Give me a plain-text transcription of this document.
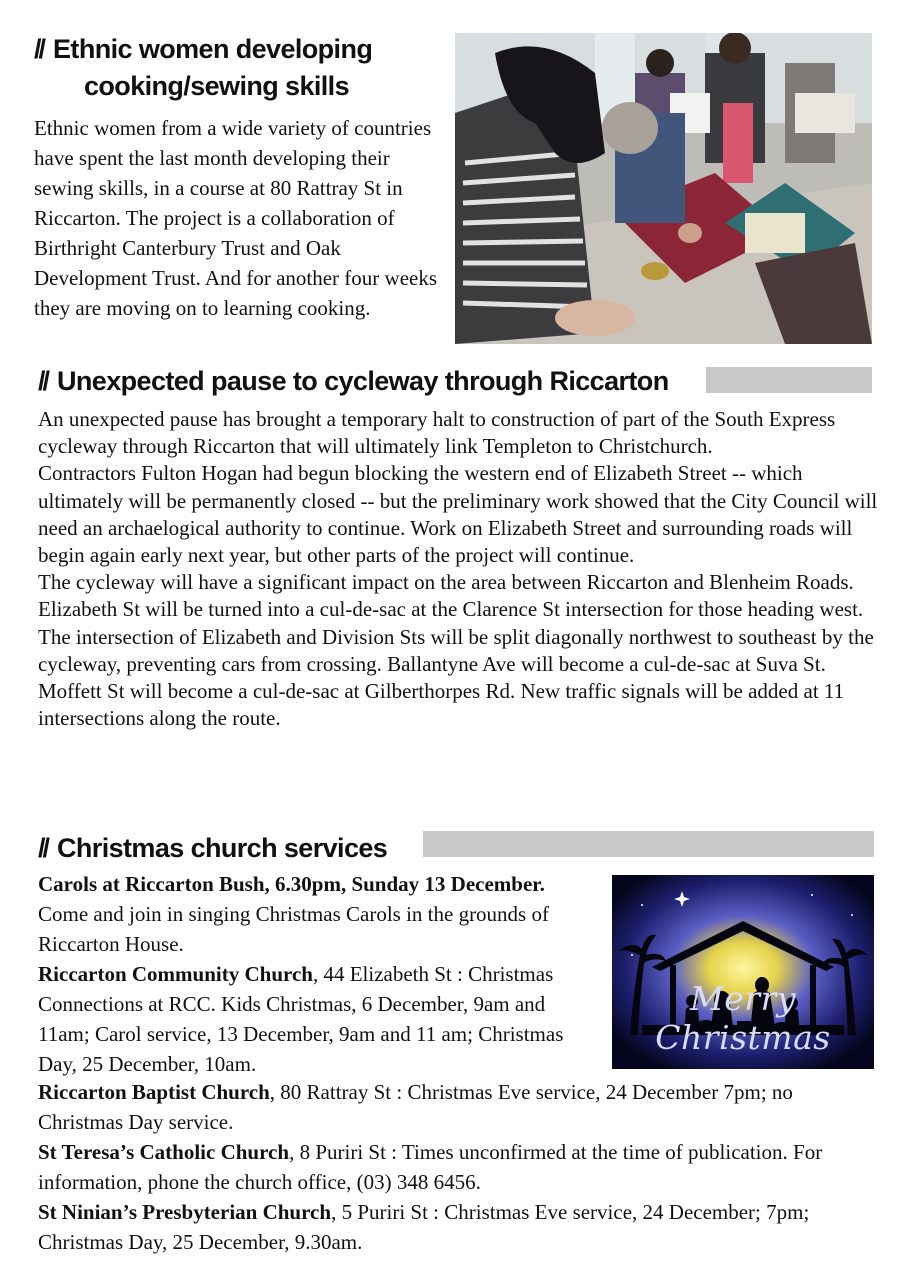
// Ethnic women developing
cooking/sewing skills

Ethnic women from a wide variety of countries have spent the last month developing their sewing skills, in a course at 80 Rattray St in Riccarton. The project is a collaboration of Birthright Canterbury Trust and Oak Development Trust. And for another four weeks they are moving on to learning cooking.

// Unexpected pause to cycleway through Riccarton
An unexpected pause has brought a temporary halt to construction of part of the South Express cycleway through Riccarton that will ultimately link Templeton to Christchurch.
Contractors Fulton Hogan had begun blocking the western end of Elizabeth Street -- which ultimately will be permanently closed -- but the preliminary work showed that the City Council will need an archaelogical authority to continue. Work on Elizabeth Street and surrounding roads will begin again early next year, but other parts of the project will continue.
The cycleway will have a significant impact on the area between Riccarton and Blenheim Roads. Elizabeth St will be turned into a cul-de-sac at the Clarence St intersection for those heading west. The intersection of Elizabeth and Division Sts will be split diagonally northwest to southeast by the cycleway, preventing cars from crossing. Ballantyne Ave will become a cul-de-sac at Suva St. Moffett St will become a cul-de-sac at Gilberthorpes Rd. New traffic signals will be added at 11 intersections along the route.
// Christmas church services
Carols at Riccarton Bush, 6.30pm, Sunday 13 December. Come and join in singing Christmas Carols in the grounds of Riccarton House.
Riccarton Community Church, 44 Elizabeth St : Christmas Connections at RCC. Kids Christmas, 6 December, 9am and 11am; Carol service, 13 December, 9am and 11 am; Christmas Day, 25 December, 10am.
Riccarton Baptist Church, 80 Rattray St : Christmas Eve service, 24 December 7pm; no Christmas Day service.
St Teresa’s Catholic Church, 8 Puriri St : Times unconfirmed at the time of publication. For information, phone the church office, (03) 348 6456.
St Ninian’s Presbyterian Church, 5 Puriri St : Christmas Eve service, 24 December; 7pm; Christmas Day, 25 December, 9.30am.
Merry Christmas
